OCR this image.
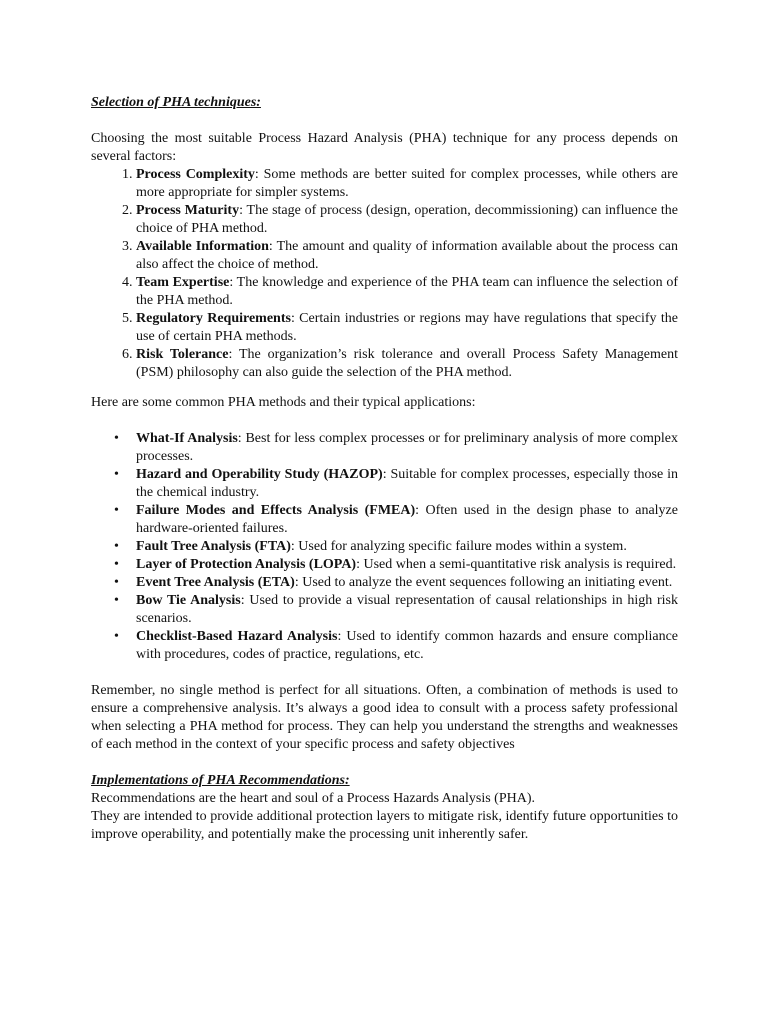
Selection of PHA techniques:

Choosing the most suitable Process Hazard Analysis (PHA) technique for any process depends on several factors:

1. Process Complexity: Some methods are better suited for complex processes, while others are more appropriate for simpler systems.
2. Process Maturity: The stage of process (design, operation, decommissioning) can influence the choice of PHA method.
3. Available Information: The amount and quality of information available about the process can also affect the choice of method.
4. Team Expertise: The knowledge and experience of the PHA team can influence the selection of the PHA method.
5. Regulatory Requirements: Certain industries or regions may have regulations that specify the use of certain PHA methods.
6. Risk Tolerance: The organization’s risk tolerance and overall Process Safety Management (PSM) philosophy can also guide the selection of the PHA method.

Here are some common PHA methods and their typical applications:

• What-If Analysis: Best for less complex processes or for preliminary analysis of more complex processes.
• Hazard and Operability Study (HAZOP): Suitable for complex processes, especially those in the chemical industry.
• Failure Modes and Effects Analysis (FMEA): Often used in the design phase to analyze hardware-oriented failures.
• Fault Tree Analysis (FTA): Used for analyzing specific failure modes within a system.
• Layer of Protection Analysis (LOPA): Used when a semi-quantitative risk analysis is required.
• Event Tree Analysis (ETA): Used to analyze the event sequences following an initiating event.
• Bow Tie Analysis: Used to provide a visual representation of causal relationships in high risk scenarios.
• Checklist-Based Hazard Analysis: Used to identify common hazards and ensure compliance with procedures, codes of practice, regulations, etc.

Remember, no single method is perfect for all situations. Often, a combination of methods is used to ensure a comprehensive analysis. It’s always a good idea to consult with a process safety professional when selecting a PHA method for process. They can help you understand the strengths and weaknesses of each method in the context of your specific process and safety objectives

Implementations of PHA Recommendations:

Recommendations are the heart and soul of a Process Hazards Analysis (PHA).

They are intended to provide additional protection layers to mitigate risk, identify future opportunities to improve operability, and potentially make the processing unit inherently safer.
